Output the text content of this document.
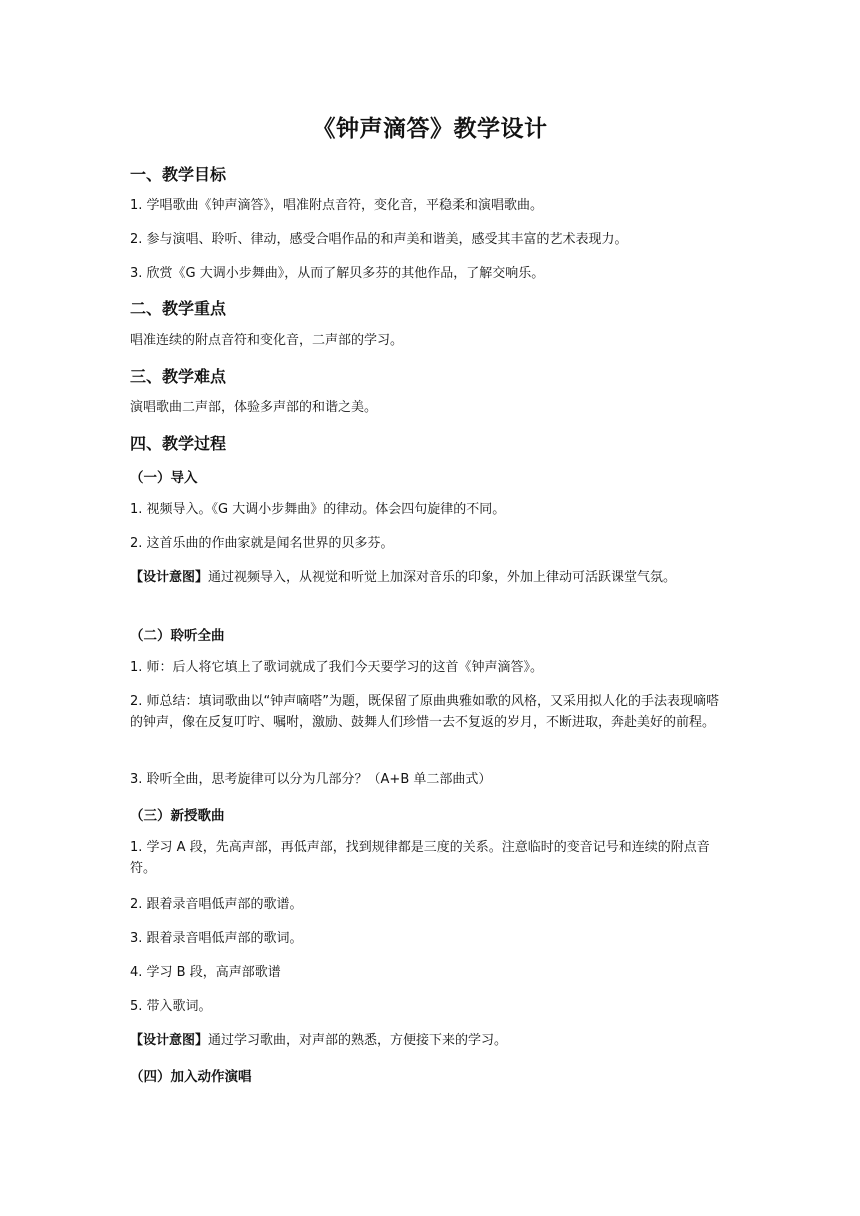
《钟声滴答》教学设计
一、教学目标
1. 学唱歌曲《钟声滴答》，唱准附点音符，变化音，平稳柔和演唱歌曲。
2. 参与演唱、聆听、律动，感受合唱作品的和声美和谐美，感受其丰富的艺术表现力。
3. 欣赏《G 大调小步舞曲》，从而了解贝多芬的其他作品，了解交响乐。
二、教学重点
唱准连续的附点音符和变化音，二声部的学习。
三、教学难点
演唱歌曲二声部，体验多声部的和谐之美。
四、教学过程
（一）导入
1. 视频导入。《G 大调小步舞曲》的律动。体会四句旋律的不同。
2. 这首乐曲的作曲家就是闻名世界的贝多芬。
【设计意图】通过视频导入，从视觉和听觉上加深对音乐的印象，外加上律动可活跃课堂气氛。
（二）聆听全曲
1. 师：后人将它填上了歌词就成了我们今天要学习的这首《钟声滴答》。
2. 师总结：填词歌曲以“钟声嘀嗒”为题，既保留了原曲典雅如歌的风格，又采用拟人化的手法表现嘀嗒的钟声，像在反复叮咛、嘱咐，激励、鼓舞人们珍惜一去不复返的岁月，不断进取，奔赴美好的前程。
3. 聆听全曲，思考旋律可以分为几部分？（A+B 单二部曲式）
（三）新授歌曲
1. 学习 A 段，先高声部，再低声部，找到规律都是三度的关系。注意临时的变音记号和连续的附点音符。
2. 跟着录音唱低声部的歌谱。
3. 跟着录音唱低声部的歌词。
4. 学习 B 段，高声部歌谱
5. 带入歌词。
【设计意图】通过学习歌曲，对声部的熟悉，方便接下来的学习。
（四）加入动作演唱
